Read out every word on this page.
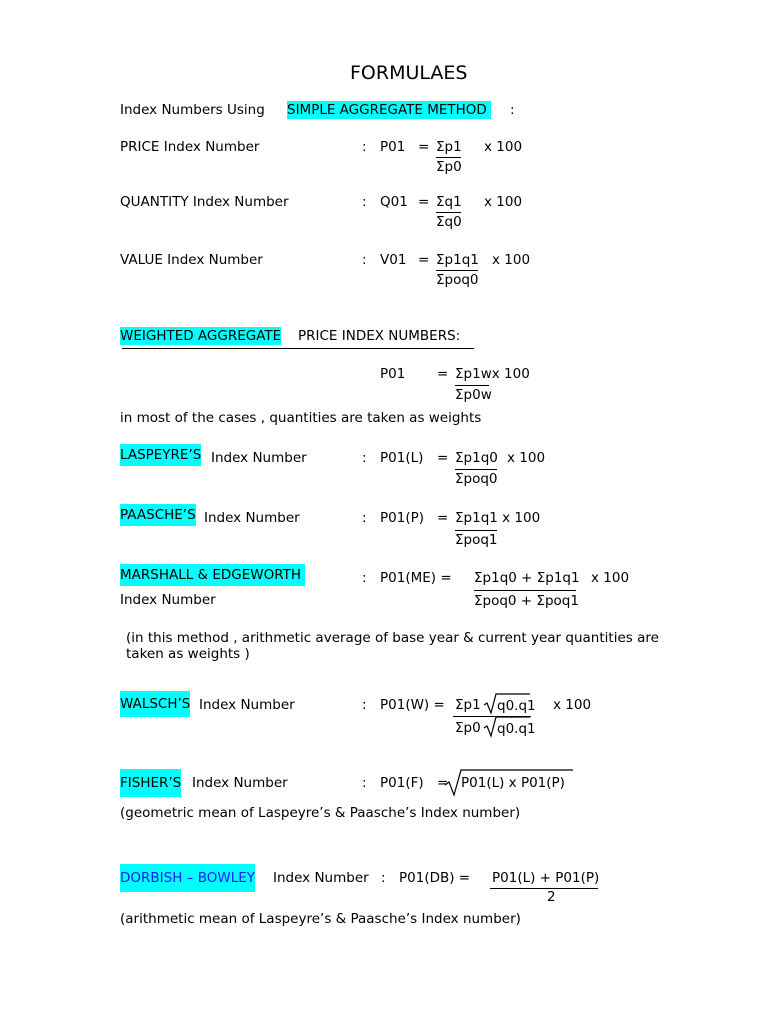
FORMULAES
Index Numbers Using SIMPLE AGGREGATE METHOD :
PRICE Index Number	: P01 = Σp1
Σp0
x 100
QUANTITY Index Number	: Q01 = Σq1
Σq0
x 100
VALUE Index Number	: V01 = Σp1q1
Σpoq0
x 100
WEIGHTED AGGREGATE PRICE INDEX NUMBERS:
P01 = Σp1wx 100
Σp0w
in most of the cases , quantities are taken as weights
LASPEYRE’S Index Number	: P01(L) = Σp1q0 x 100
Σpoq0
PAASCHE’S Index Number	: P01(P) = Σp1q1 x 100
Σpoq1
MARSHALL & EDGEWORTH
Index Number
: P01(ME) = Σp1q0 + Σp1q1 x 100
Σpoq0 + Σpoq1
(in this method , arithmetic average of base year & current year quantities are
taken as weights )
WALSCH’S Index Number	: P01(W) = Σp1 q0.q1 x 100
Σp0 q0.q1
FISHER’S Index Number	: P01(F) = P01(L) x P01(P)
(geometric mean of Laspeyre’s & Paasche’s Index number)
DORBISH – BOWLEY Index Number : P01(DB) = P01(L) + P01(P)
2
(arithmetic mean of Laspeyre’s & Paasche’s Index number)
